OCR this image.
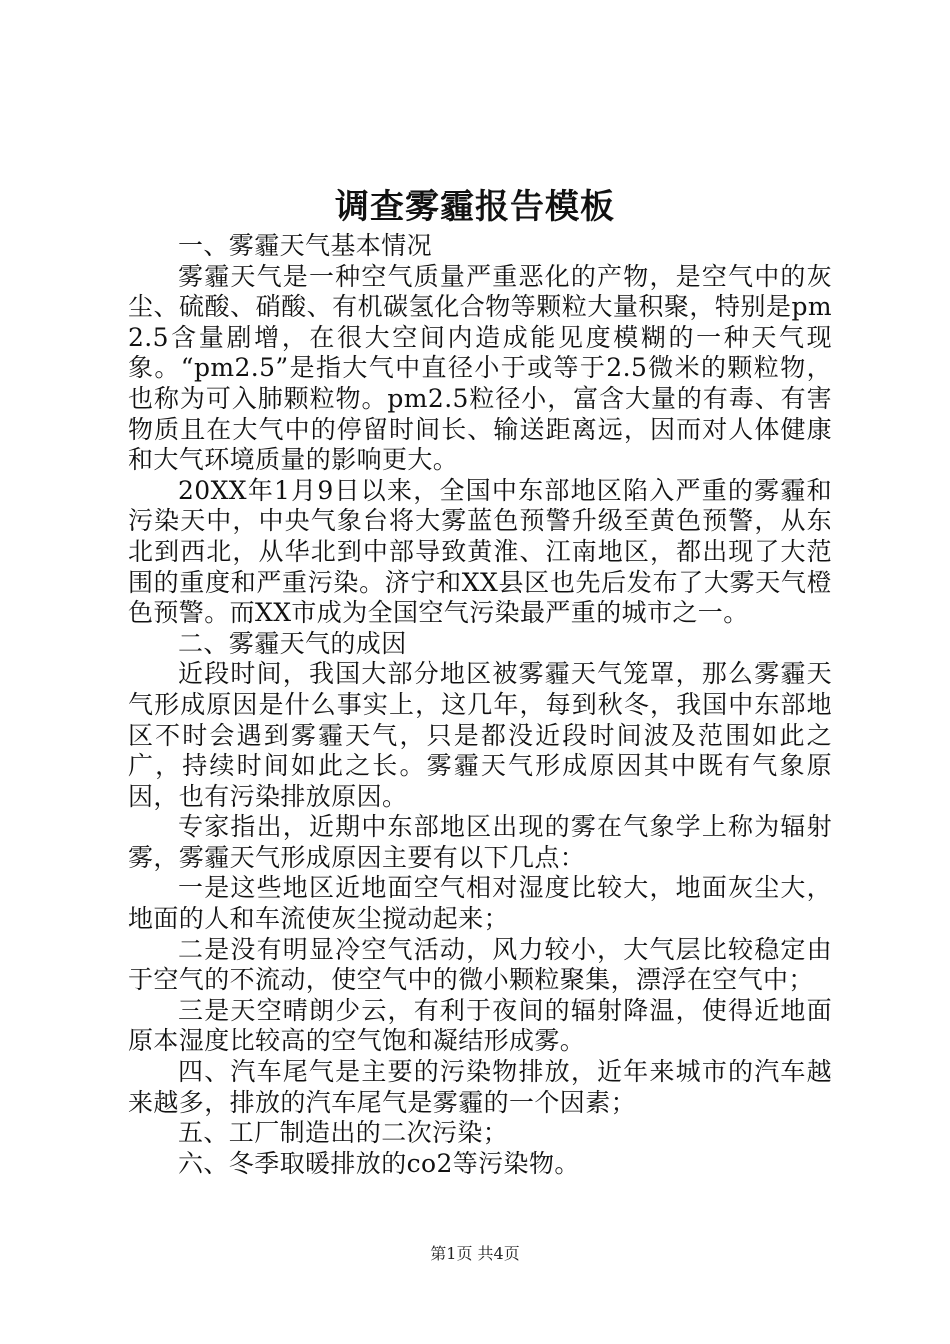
调查雾霾报告模板

一、雾霾天气基本情况

雾霾天气是一种空气质量严重恶化的产物，是空气中的灰尘、硫酸、硝酸、有机碳氢化合物等颗粒大量积聚，特别是pm2.5含量剧增，在很大空间内造成能见度模糊的一种天气现象。“pm2.5”是指大气中直径小于或等于2.5微米的颗粒物，也称为可入肺颗粒物。pm2.5粒径小，富含大量的有毒、有害物质且在大气中的停留时间长、输送距离远，因而对人体健康和大气环境质量的影响更大。

20XX年1月9日以来，全国中东部地区陷入严重的雾霾和污染天中，中央气象台将大雾蓝色预警升级至黄色预警，从东北到西北，从华北到中部导致黄淮、江南地区，都出现了大范围的重度和严重污染。济宁和XX县区也先后发布了大雾天气橙色预警。而XX市成为全国空气污染最严重的城市之一。

二、雾霾天气的成因

近段时间，我国大部分地区被雾霾天气笼罩，那么雾霾天气形成原因是什么事实上，这几年，每到秋冬，我国中东部地区不时会遇到雾霾天气，只是都没近段时间波及范围如此之广，持续时间如此之长。雾霾天气形成原因其中既有气象原因，也有污染排放原因。

专家指出，近期中东部地区出现的雾在气象学上称为辐射雾，雾霾天气形成原因主要有以下几点：

一是这些地区近地面空气相对湿度比较大，地面灰尘大，地面的人和车流使灰尘搅动起来；

二是没有明显冷空气活动，风力较小，大气层比较稳定由于空气的不流动，使空气中的微小颗粒聚集，漂浮在空气中；

三是天空晴朗少云，有利于夜间的辐射降温，使得近地面原本湿度比较高的空气饱和凝结形成雾。

四、汽车尾气是主要的污染物排放，近年来城市的汽车越来越多，排放的汽车尾气是雾霾的一个因素；

五、工厂制造出的二次污染；

六、冬季取暖排放的co2等污染物。

第1页 共4页
